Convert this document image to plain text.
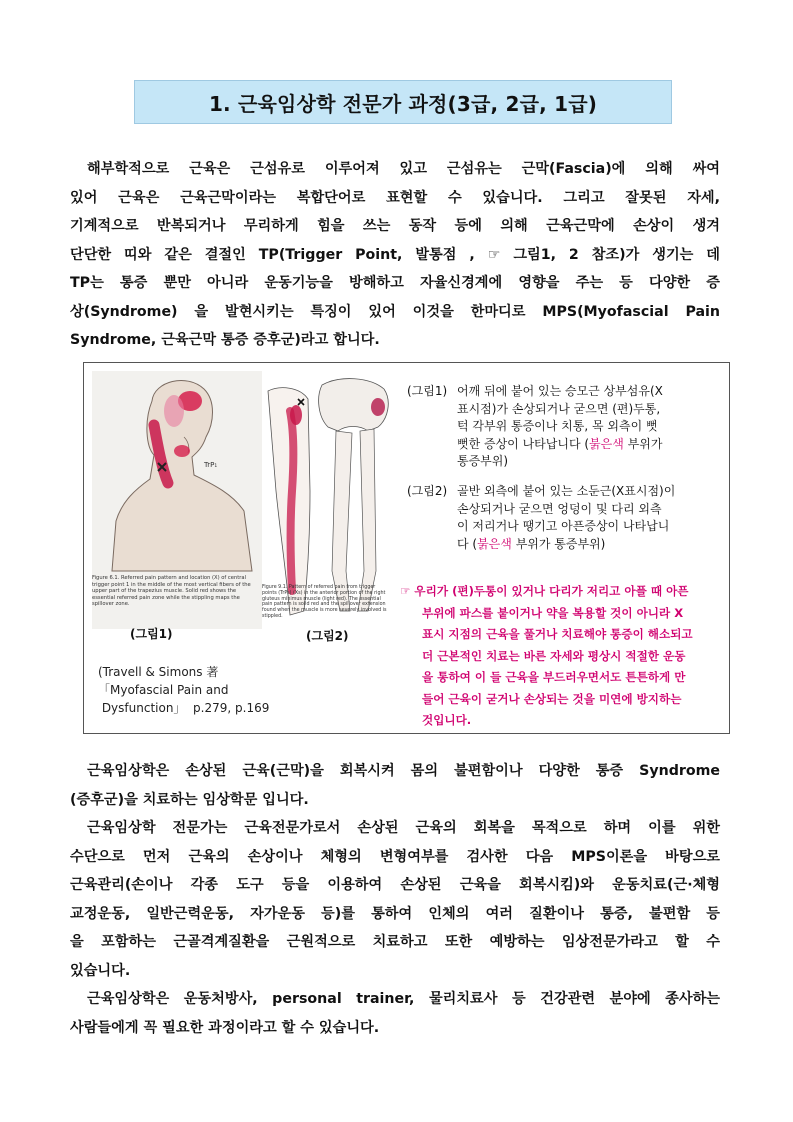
1. 근육임상학 전문가 과정(3급, 2급, 1급)
해부학적으로 근육은 근섬유로 이루어져 있고 근섬유는 근막(Fascia)에 의해 싸여
있어 근육은 근육근막이라는 복합단어로 표현할 수 있습니다. 그리고 잘못된 자세,
기계적으로 반복되거나 무리하게 힘을 쓰는 동작 등에 의해 근육근막에 손상이 생겨
단단한 띠와 같은 결절인 TP(Trigger Point, 발통점 , ☞ 그림1, 2 참조)가 생기는 데
TP는 통증 뿐만 아니라 운동기능을 방해하고 자율신경계에 영향을 주는 등 다양한 증
상(Syndrome) 을 발현시키는 특징이 있어 이것을 한마디로 MPS(Myofascial Pain
Syndrome, 근육근막 통증 증후군)라고 합니다.
TrP₁
Figure 6.1. Referred pain pattern and location (X) of central trigger point 1 in the middle of the most vertical fibers of the upper part of the trapezius muscle. Solid red shows the essential referred pain zone while the stippling maps the spillover zone.
Figure 9.1. Pattern of referred pain from trigger points (TrPs) (Xs) in the anterior portion of the right gluteus minimus muscle (light red). The essential pain pattern is solid red and the spillover extension found when the muscle is more severely involved is stippled.
(그림1)	(그림2)
(Travell & Simons 著
「Myofascial Pain and
Dysfunction」  p.279, p.169
(그림1) 어깨 뒤에 붙어 있는 승모근 상부섬유(X
표시점)가 손상되거나 굳으면 (편)두통,
턱 각부위 통증이나 치통, 목 외측이 뻣
뻣한 증상이 나타납니다 (붉은색 부위가
통증부위)
(그림2) 골반 외측에 붙어 있는 소둔근(X표시점)이
손상되거나 굳으면 엉덩이 및 다리 외측
이 저리거나 땡기고 아픈증상이 나타납니
다 (붉은색 부위가 통증부위)
☞ 우리가 (편)두통이 있거나 다리가 저리고 아플 때 아픈
부위에 파스를 붙이거나 약을 복용할 것이 아니라 X
표시 지점의 근육을 풀거나 치료해야 통증이 해소되고
더 근본적인 치료는 바른 자세와 평상시 적절한 운동
을 통하여 이 들 근육을 부드러우면서도 튼튼하게 만
들어 근육이 굳거나 손상되는 것을 미연에 방지하는
것입니다.
근육임상학은 손상된 근육(근막)을 회복시켜 몸의 불편함이나 다양한 통증 Syndrome
(증후군)을 치료하는 임상학문 입니다.
근육임상학 전문가는 근육전문가로서 손상된 근육의 회복을 목적으로 하며 이를 위한
수단으로 먼저 근육의 손상이나 체형의 변형여부를 검사한 다음 MPS이론을 바탕으로
근육관리(손이나 각종 도구 등을 이용하여 손상된 근육을 회복시킴)와 운동치료(근·체형
교정운동, 일반근력운동, 자가운동 등)를 통하여 인체의 여러 질환이나 통증, 불편함 등
을 포함하는 근골격계질환을 근원적으로 치료하고 또한 예방하는 임상전문가라고 할 수
있습니다.
근육임상학은 운동처방사, personal trainer, 물리치료사 등 건강관련 분야에 종사하는
사람들에게 꼭 필요한 과정이라고 할 수 있습니다.
